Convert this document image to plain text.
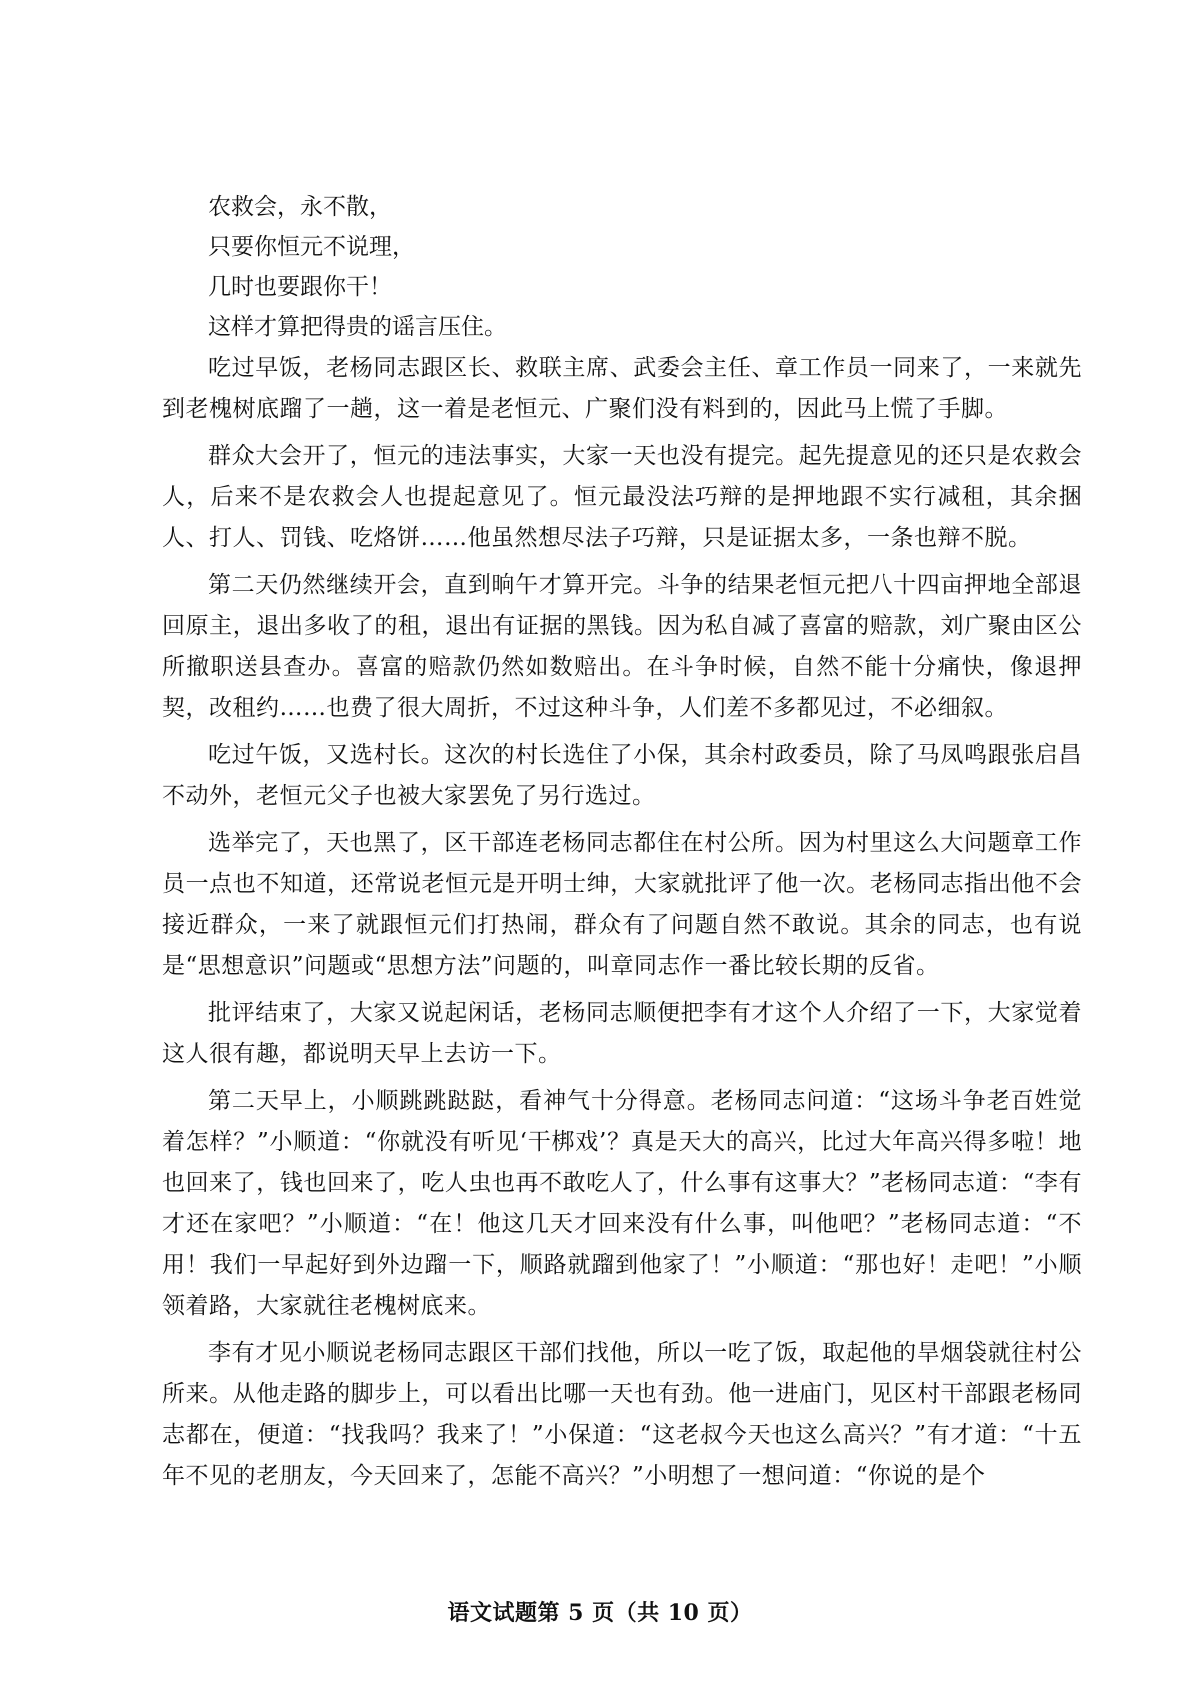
农救会，永不散，
只要你恒元不说理，
几时也要跟你干！
这样才算把得贵的谣言压住。

吃过早饭，老杨同志跟区长、救联主席、武委会主任、章工作员一同来了，一来就先到老槐树底蹓了一趟，这一着是老恒元、广聚们没有料到的，因此马上慌了手脚。

群众大会开了，恒元的违法事实，大家一天也没有提完。起先提意见的还只是农救会人，后来不是农救会人也提起意见了。恒元最没法巧辩的是押地跟不实行减租，其余捆人、打人、罚钱、吃烙饼……他虽然想尽法子巧辩，只是证据太多，一条也辩不脱。

第二天仍然继续开会，直到晌午才算开完。斗争的结果老恒元把八十四亩押地全部退回原主，退出多收了的租，退出有证据的黑钱。因为私自减了喜富的赔款，刘广聚由区公所撤职送县查办。喜富的赔款仍然如数赔出。在斗争时候，自然不能十分痛快，像退押契，改租约……也费了很大周折，不过这种斗争，人们差不多都见过，不必细叙。

吃过午饭，又选村长。这次的村长选住了小保，其余村政委员，除了马凤鸣跟张启昌不动外，老恒元父子也被大家罢免了另行选过。

选举完了，天也黑了，区干部连老杨同志都住在村公所。因为村里这么大问题章工作员一点也不知道，还常说老恒元是开明士绅，大家就批评了他一次。老杨同志指出他不会接近群众，一来了就跟恒元们打热闹，群众有了问题自然不敢说。其余的同志，也有说是“思想意识”问题或“思想方法”问题的，叫章同志作一番比较长期的反省。

批评结束了，大家又说起闲话，老杨同志顺便把李有才这个人介绍了一下，大家觉着这人很有趣，都说明天早上去访一下。

第二天早上，小顺跳跳跶跶，看神气十分得意。老杨同志问道：“这场斗争老百姓觉着怎样？”小顺道：“你就没有听见‘干梆戏’？真是天大的高兴，比过大年高兴得多啦！地也回来了，钱也回来了，吃人虫也再不敢吃人了，什么事有这事大？”老杨同志道：“李有才还在家吧？”小顺道：“在！他这几天才回来没有什么事，叫他吧？”老杨同志道：“不用！我们一早起好到外边蹓一下，顺路就蹓到他家了！”小顺道：“那也好！走吧！”小顺领着路，大家就往老槐树底来。

李有才见小顺说老杨同志跟区干部们找他，所以一吃了饭，取起他的旱烟袋就往村公所来。从他走路的脚步上，可以看出比哪一天也有劲。他一进庙门，见区村干部跟老杨同志都在，便道：“找我吗？我来了！”小保道：“这老叔今天也这么高兴？”有才道：“十五年不见的老朋友，今天回来了，怎能不高兴？”小明想了一想问道：“你说的是个

语文试题第 5 页（共 10 页）
